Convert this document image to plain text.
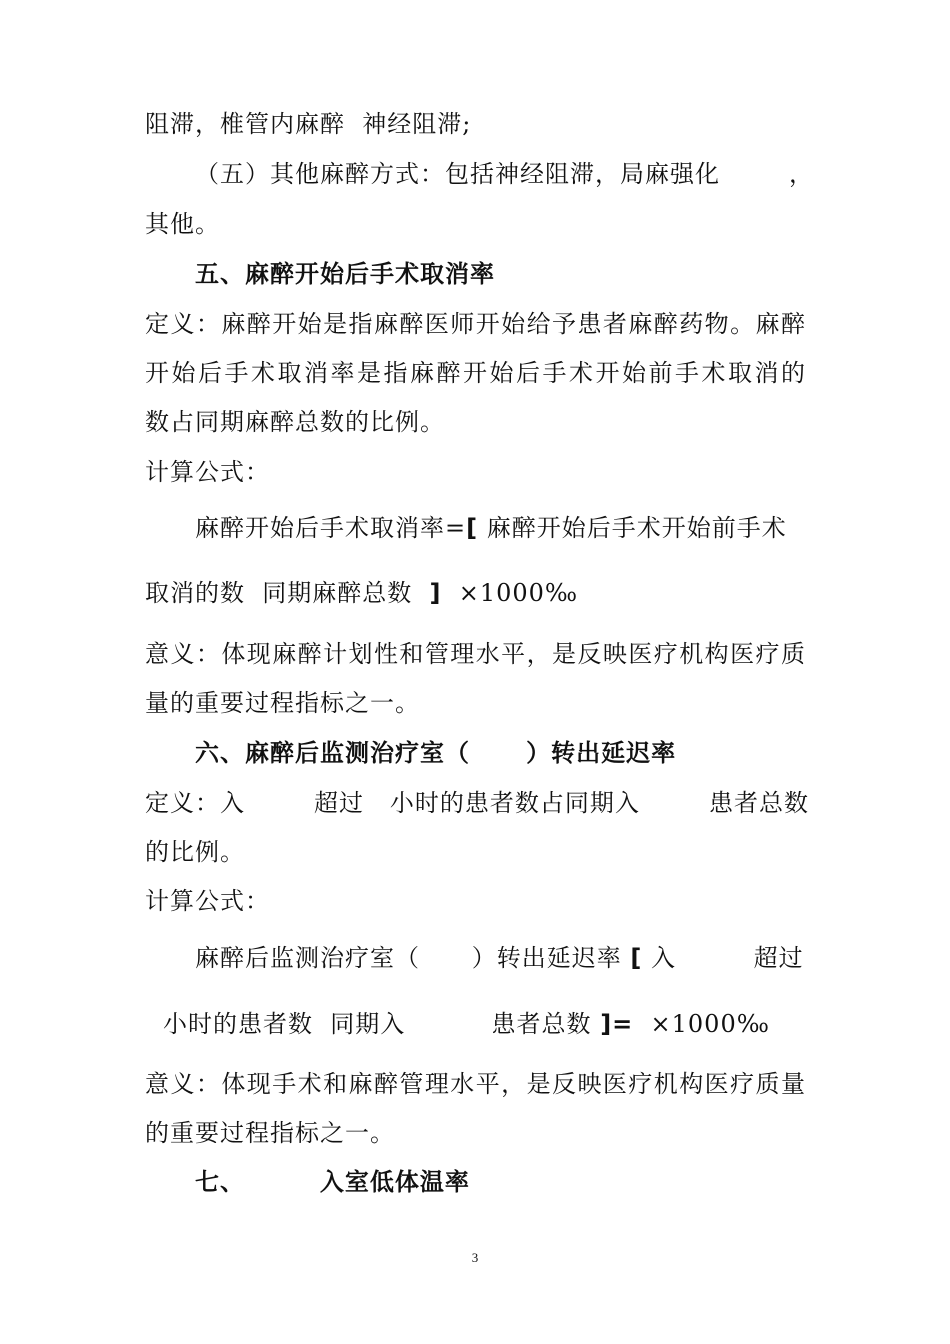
阻滞，椎管内麻醉  神经阻滞;
（五）其他麻醉方式：包括神经阻滞，局麻强化        ，
其他。
五、麻醉开始后手术取消率
定义：麻醉开始是指麻醉医师开始给予患者麻醉药物。麻醉
开始后手术取消率是指麻醉开始后手术开始前手术取消的
数占同期麻醉总数的比例。
计算公式：
麻醉开始后手术取消率=[ 麻醉开始后手术开始前手术
取消的数  同期麻醉总数  ]  ×1000‰
意义：体现麻醉计划性和管理水平，是反映医疗机构医疗质
量的重要过程指标之一。
六、麻醉后监测治疗室（      ）转出延迟率
定义：入        超过   小时的患者数占同期入        患者总数
的比例。
计算公式：
麻醉后监测治疗室（      ）转出延迟率 [ 入         超过
小时的患者数  同期入          患者总数 ]=  ×1000‰
意义：体现手术和麻醉管理水平，是反映医疗机构医疗质量
的重要过程指标之一。
七、        入室低体温率
3
